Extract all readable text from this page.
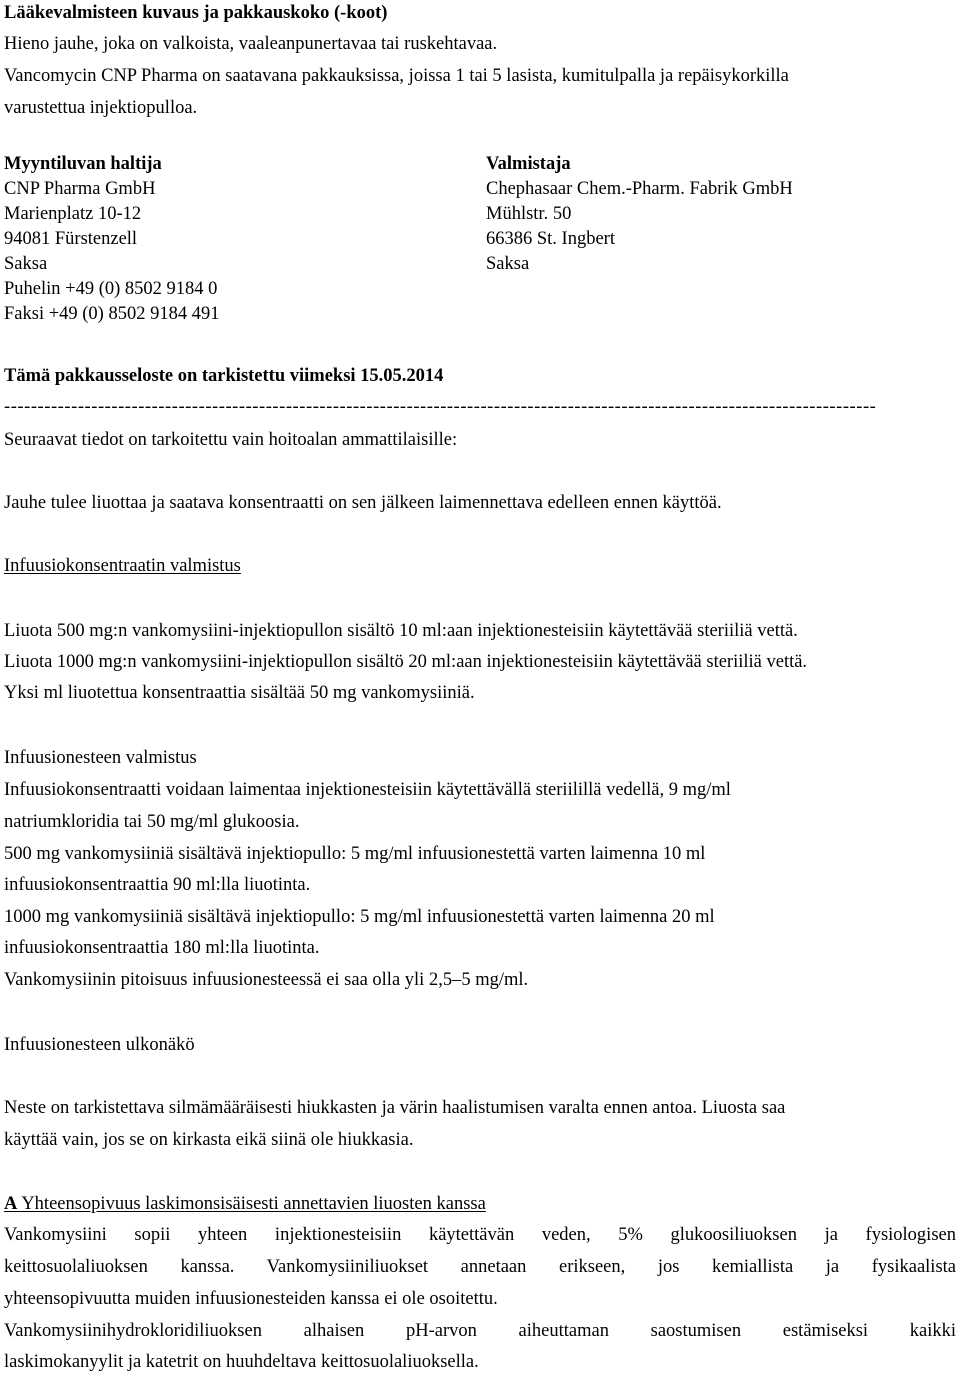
Lääkevalmisteen kuvaus ja pakkauskoko (-koot)
Hieno jauhe, joka on valkoista, vaaleanpunertavaa tai ruskehtavaa.
Vancomycin CNP Pharma on saatavana pakkauksissa, joissa 1 tai 5 lasista, kumitulpalla ja repäisykorkilla
varustettua injektiopulloa.
Myyntiluvan haltija
CNP Pharma GmbH
Marienplatz 10-12
94081 Fürstenzell
Saksa
Puhelin +49 (0) 8502 9184 0
Faksi +49 (0) 8502 9184 491
Valmistaja
Chephasaar Chem.-Pharm. Fabrik GmbH
Mühlstr. 50
66386 St. Ingbert
Saksa
Tämä pakkausseloste on tarkistettu viimeksi 15.05.2014
----------------------------------------------------------------------------------------------------------------------------------
Seuraavat tiedot on tarkoitettu vain hoitoalan ammattilaisille:
Jauhe tulee liuottaa ja saatava konsentraatti on sen jälkeen laimennettava edelleen ennen käyttöä.
Infuusiokonsentraatin valmistus
Liuota 500 mg:n vankomysiini-injektiopullon sisältö 10 ml:aan injektionesteisiin käytettävää steriiliä vettä.
Liuota 1000 mg:n vankomysiini-injektiopullon sisältö 20 ml:aan injektionesteisiin käytettävää steriiliä vettä.
Yksi ml liuotettua konsentraattia sisältää 50 mg vankomysiiniä.
Infuusionesteen valmistus
Infuusiokonsentraatti voidaan laimentaa injektionesteisiin käytettävällä steriilillä vedellä, 9 mg/ml
natriumkloridia tai 50 mg/ml glukoosia.
500 mg vankomysiiniä sisältävä injektiopullo: 5 mg/ml infuusionestettä varten laimenna 10 ml
infuusiokonsentraattia 90 ml:lla liuotinta.
1000 mg vankomysiiniä sisältävä injektiopullo: 5 mg/ml infuusionestettä varten laimenna 20 ml
infuusiokonsentraattia 180 ml:lla liuotinta.
Vankomysiinin pitoisuus infuusionesteessä ei saa olla yli 2,5–5 mg/ml.
Infuusionesteen ulkonäkö
Neste on tarkistettava silmämääräisesti hiukkasten ja värin haalistumisen varalta ennen antoa. Liuosta saa
käyttää vain, jos se on kirkasta eikä siinä ole hiukkasia.
A Yhteensopivuus laskimonsisäisesti annettavien liuosten kanssa
Vankomysiini sopii yhteen injektionesteisiin käytettävän veden, 5% glukoosiliuoksen ja fysiologisen
keittosuolaliuoksen kanssa. Vankomysiiniliuokset annetaan erikseen, jos kemiallista ja fysikaalista
yhteensopivuutta muiden infuusionesteiden kanssa ei ole osoitettu.
Vankomysiinihydrokloridiliuoksen alhaisen pH-arvon aiheuttaman saostumisen estämiseksi kaikki
laskimokanyylit ja katetrit on huuhdeltava keittosuolaliuoksella.
